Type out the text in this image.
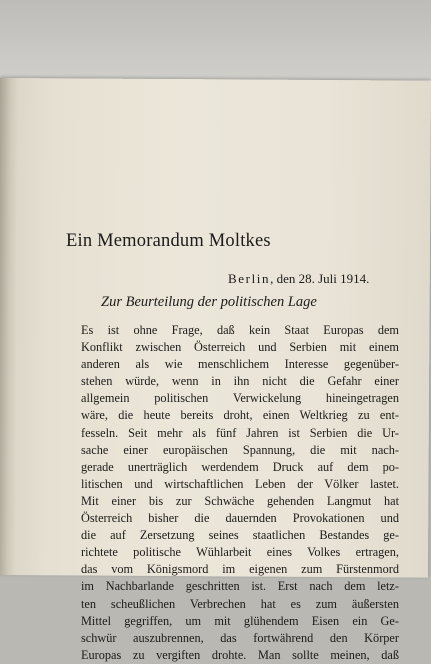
Ein Memorandum Moltkes
Berlin, den 28. Juli 1914.
Zur Beurteilung der politischen Lage
Es ist ohne Frage, daß kein Staat Europas dem
Konflikt zwischen Österreich und Serbien mit einem
anderen als wie menschlichem Interesse gegenüber-
stehen würde, wenn in ihn nicht die Gefahr einer
allgemein politischen Verwickelung hineingetragen
wäre, die heute bereits droht, einen Weltkrieg zu ent-
fesseln. Seit mehr als fünf Jahren ist Serbien die Ur-
sache einer europäischen Spannung, die mit nach-
gerade unerträglich werdendem Druck auf dem po-
litischen und wirtschaftlichen Leben der Völker lastet.
Mit einer bis zur Schwäche gehenden Langmut hat
Österreich bisher die dauernden Provokationen und
die auf Zersetzung seines staatlichen Bestandes ge-
richtete politische Wühlarbeit eines Volkes ertragen,
das vom Königsmord im eigenen zum Fürstenmord
im Nachbarlande geschritten ist. Erst nach dem letz-
ten scheußlichen Verbrechen hat es zum äußersten
Mittel gegriffen, um mit glühendem Eisen ein Ge-
schwür auszubrennen, das fortwährend den Körper
Europas zu vergiften drohte. Man sollte meinen, daß
